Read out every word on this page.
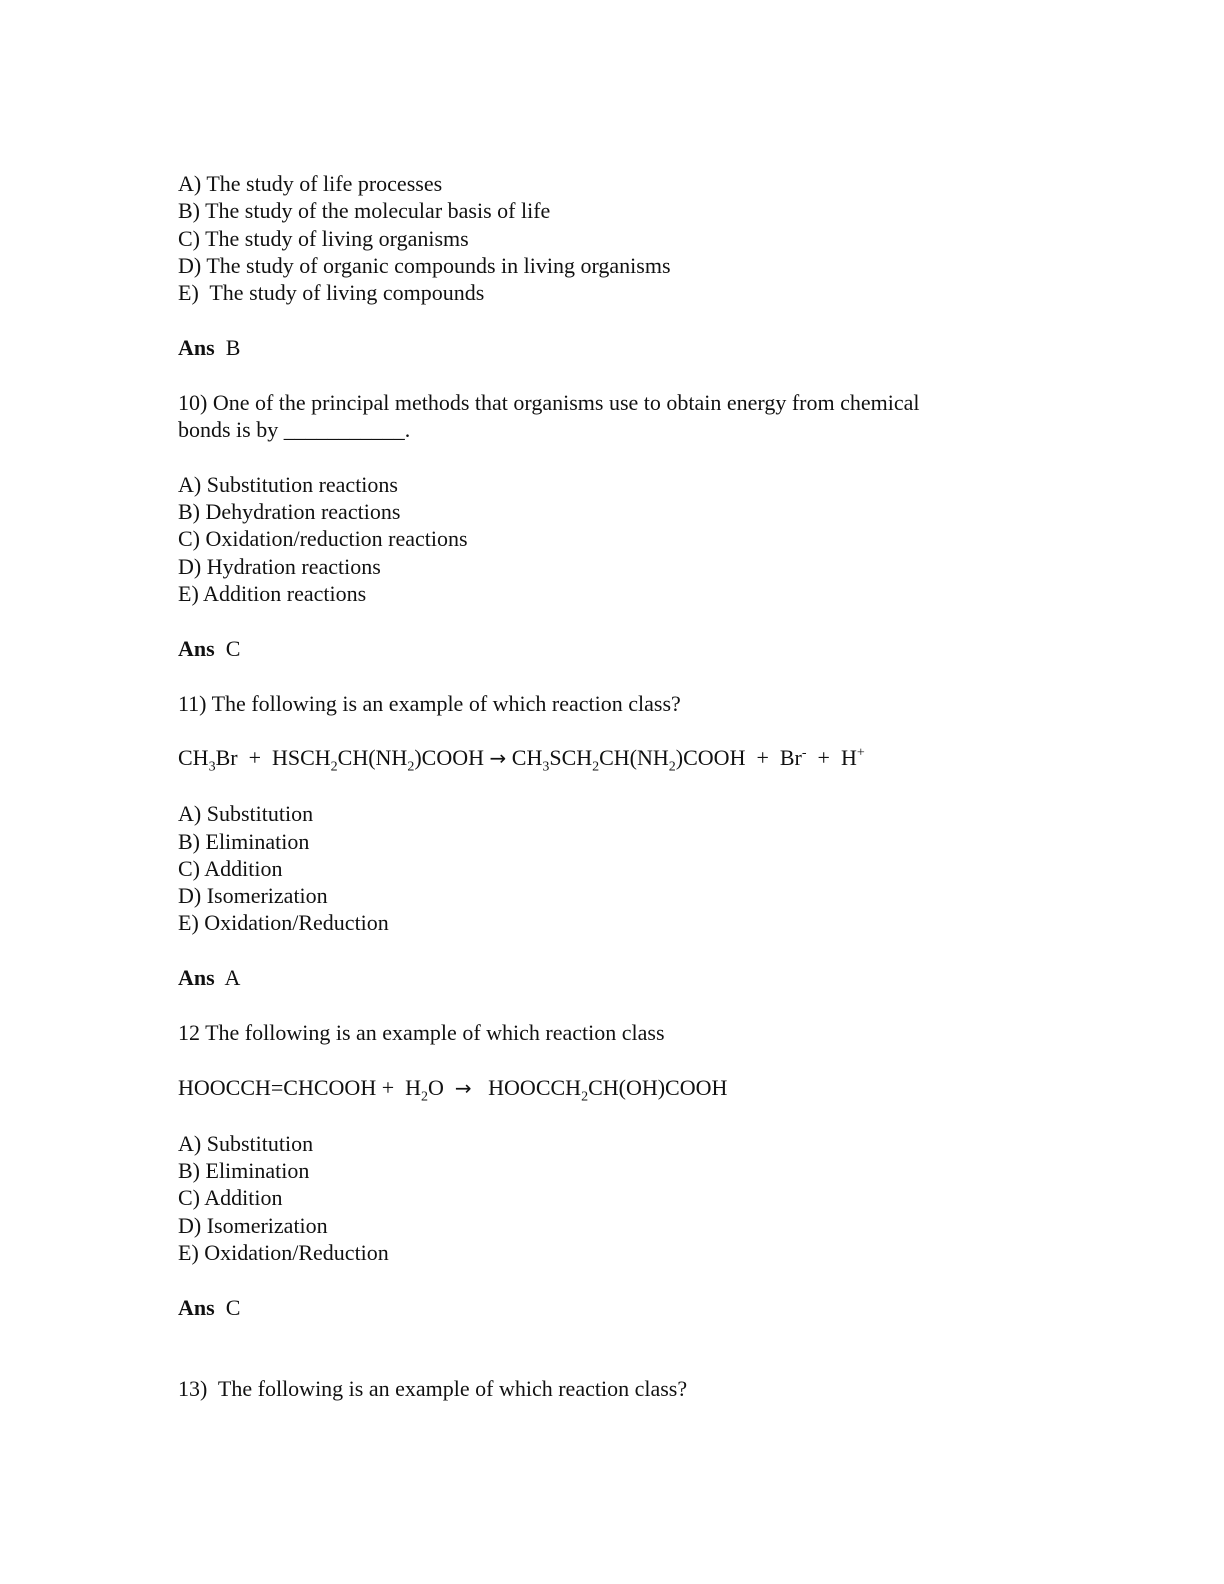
A) The study of life processes
B) The study of the molecular basis of life
C) The study of living organisms
D) The study of organic compounds in living organisms
E)  The study of living compounds
Ans B
10) One of the principal methods that organisms use to obtain energy from chemical
bonds is by ___________.
A) Substitution reactions
B) Dehydration reactions
C) Oxidation/reduction reactions
D) Hydration reactions
E) Addition reactions
Ans C
11) The following is an example of which reaction class?
$CH_3Br$  +  $HSCH_2CH(NH_2)COOH$ → $CH_3SCH_2CH(NH_2)COOH + Br^- + H^+$
A) Substitution
B) Elimination
C) Addition
D) Isomerization
E) Oxidation/Reduction
Ans A
12 The following is an example of which reaction class
HOOCCH=CHCOOH +  $H_2O$  →   $HOOCCH_2CH(OH)COOH$
A) Substitution
B) Elimination
C) Addition
D) Isomerization
E) Oxidation/Reduction
Ans C
13)  The following is an example of which reaction class?
